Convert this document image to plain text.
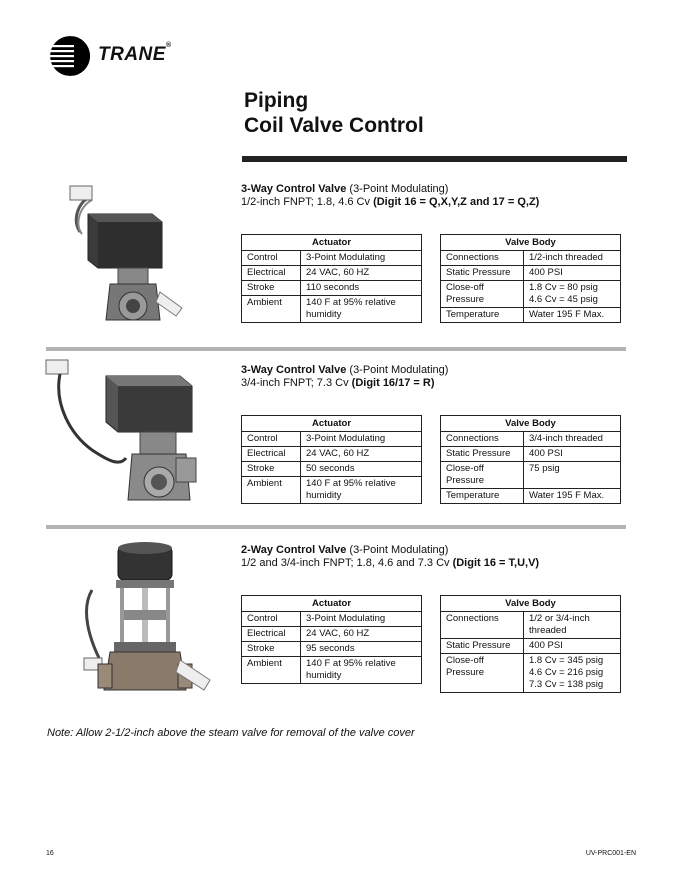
TRANE®
Piping
Coil Valve Control
3-Way Control Valve (3-Point Modulating)
1/2-inch FNPT; 1.8, 4.6 Cv (Digit 16 = Q,X,Y,Z and 17 = Q,Z)
Actuator	
Control	3-Point Modulating
Electrical	24 VAC, 60 HZ
Stroke	110 seconds
Ambient	140 F at 95% relative
humidity
Valve Body	
Connections	1/2-inch threaded
Static Pressure	400 PSI
Close-off
Pressure	1.8 Cv = 80 psig
4.6 Cv = 45 psig
Temperature	Water 195 F Max.
3-Way Control Valve (3-Point Modulating)
3/4-inch FNPT; 7.3 Cv (Digit 16/17 = R)
Actuator	
Control	3-Point Modulating
Electrical	24 VAC, 60 HZ
Stroke	50 seconds
Ambient	140 F at 95% relative
humidity
Valve Body	
Connections	3/4-inch threaded
Static Pressure	400 PSI
Close-off
Pressure	75 psig
Temperature	Water 195 F Max.
2-Way Control Valve (3-Point Modulating)
1/2 and 3/4-inch FNPT; 1.8, 4.6 and 7.3 Cv (Digit 16 = T,U,V)
Actuator	
Control	3-Point Modulating
Electrical	24 VAC, 60 HZ
Stroke	95 seconds
Ambient	140 F at 95% relative
humidity
Valve Body	
Connections	1/2 or 3/4-inch
threaded
Static Pressure	400 PSI
Close-off
Pressure	1.8 Cv = 345 psig
4.6 Cv = 216 psig
7.3 Cv = 138 psig
Note: Allow 2-1/2-inch above the steam valve for removal of the valve cover
16	UV-PRC001-EN
